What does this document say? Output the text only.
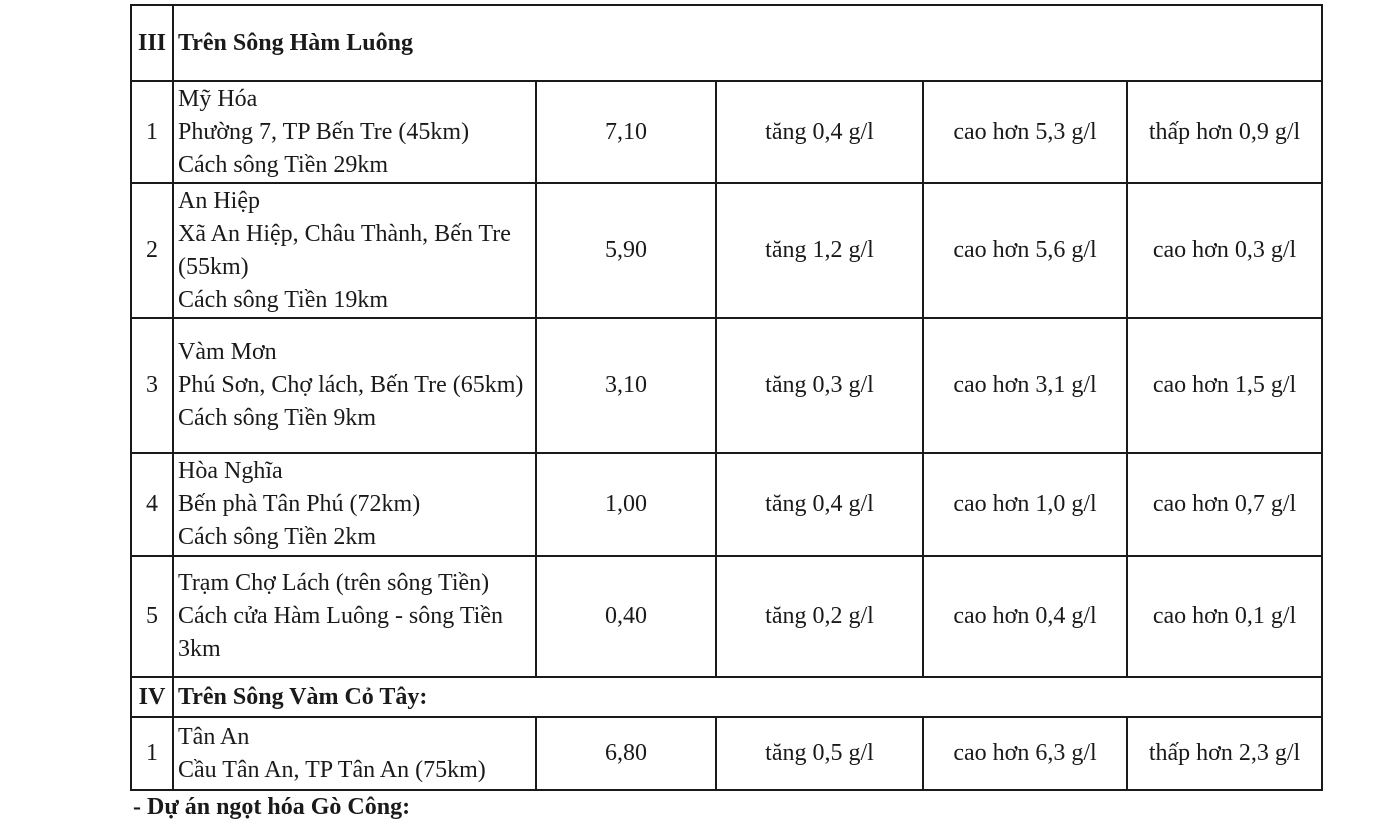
III	Trên Sông Hàm Luông				
1	Mỹ Hóa
Phường 7, TP Bến Tre (45km)
Cách sông Tiền 29km	7,10	tăng 0,4 g/l	cao hơn 5,3 g/l	thấp hơn 0,9 g/l
2	An Hiệp
Xã An Hiệp, Châu Thành, Bến Tre (55km)
Cách sông Tiền 19km	5,90	tăng 1,2 g/l	cao hơn 5,6 g/l	cao hơn 0,3 g/l
3	Vàm Mơn
Phú Sơn, Chợ lách, Bến Tre (65km)
Cách sông Tiền 9km	3,10	tăng 0,3 g/l	cao hơn 3,1 g/l	cao hơn 1,5 g/l
4	Hòa Nghĩa
Bến phà Tân Phú (72km)
Cách sông Tiền 2km	1,00	tăng 0,4 g/l	cao hơn 1,0 g/l	cao hơn 0,7 g/l
5	Trạm Chợ Lách (trên sông Tiền)
Cách cửa Hàm Luông - sông Tiền 3km	0,40	tăng 0,2 g/l	cao hơn 0,4 g/l	cao hơn 0,1 g/l
IV	Trên Sông Vàm Cỏ Tây:				
1	Tân An
Cầu Tân An, TP Tân An (75km)	6,80	tăng 0,5 g/l	cao hơn 6,3 g/l	thấp hơn 2,3 g/l
- Dự án ngọt hóa Gò Công:
